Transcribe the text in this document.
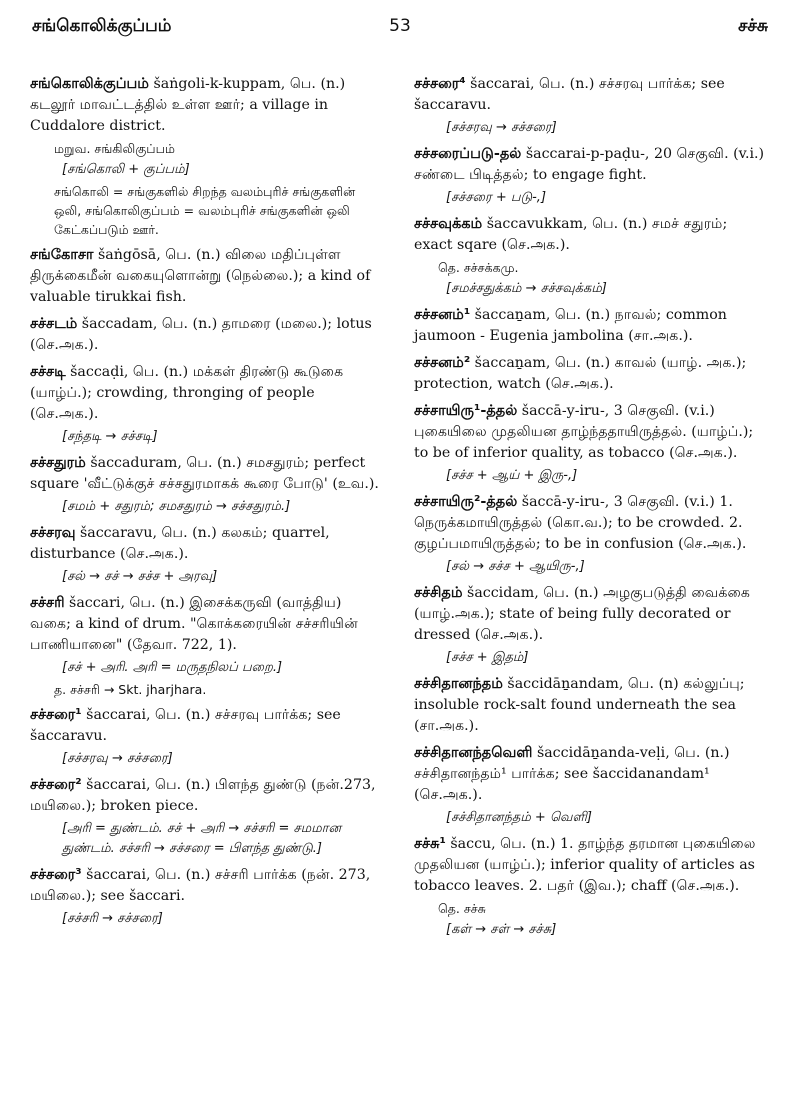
சங்கொலிக்குப்பம்	53	சச்சு

சங்கொலிக்குப்பம் šaṅgoli-k-kuppam, பெ. (n.) கடலூர் மாவட்டத்தில் உள்ள ஊர்; a village in Cuddalore district.

மறுவ. சங்கிலிகுப்பம்
[சங்கொலி + குப்பம்]
சங்கொலி = சங்குகளில் சிறந்த வலம்புரிச் சங்குகளின் ஒலி, சங்கொலிகுப்பம் = வலம்புரிச் சங்குகளின் ஒலி கேட்கப்படும் ஊர்.

சங்கோசா šaṅgōsā, பெ. (n.) விலை மதிப்புள்ள திருக்கைமீன் வகையுளொன்று (நெல்லை.); a kind of valuable tirukkai fish.

சச்சடம் šaccadam, பெ. (n.) தாமரை (மலை.); lotus (செ.அக.).

சச்சடி šaccaḍi, பெ. (n.) மக்கள் திரண்டு கூடுகை (யாழ்ப்.); crowding, thronging of people (செ.அக.).

[சந்தடி → சச்சடி]

சச்சதுரம் šaccaduram, பெ. (n.) சமசதுரம்; perfect square 'வீட்டுக்குச் சச்சதுரமாகக் கூரை போடு' (உவ.).

[சமம் + சதுரம்; சமசதுரம் → சச்சதுரம்.]

சச்சரவு šaccaravu, பெ. (n.) கலகம்; quarrel, disturbance (செ.அக.).

[சல் → சச் → சச்ச + அரவு]

சச்சரி šaccari, பெ. (n.) இசைக்கருவி (வாத்திய) வகை; a kind of drum. "கொக்கரையின் சச்சரியின் பாணியானை" (தேவா. 722, 1).

[சச் + அரி. அரி = மருதநிலப் பறை.]
த. சச்சரி → Skt. jharjhara.

சச்சரை¹ šaccarai, பெ. (n.) சச்சரவு பார்க்க; see šaccaravu.

[சச்சரவு → சச்சரை]

சச்சரை² šaccarai, பெ. (n.) பிளந்த துண்டு (நன்.273, மயிலை.); broken piece.

[அரி = துண்டம். சச் + அரி → சச்சரி = சமமான துண்டம். சச்சரி → சச்சரை = பிளந்த துண்டு.]

சச்சரை³ šaccarai, பெ. (n.) சச்சரி பார்க்க (நன். 273, மயிலை.); see šaccari.

[சச்சரி → சச்சரை]

சச்சரை⁴ šaccarai, பெ. (n.) சச்சரவு பார்க்க; see šaccaravu.

[சச்சரவு → சச்சரை]

சச்சரைப்படு-தல் šaccarai-p-paḍu-, 20 செகுவி. (v.i.) சண்டை பிடித்தல்; to engage fight.

[சச்சரை + படு-,]

சச்சவுக்கம் šaccavukkam, பெ. (n.) சமச் சதுரம்; exact sqare (செ.அக.).

தெ. சச்சக்கமு.
[சமச்சதுக்கம் → சச்சவுக்கம்]

சச்சனம்¹ šaccaṉam, பெ. (n.) நாவல்; common jaumoon - Eugenia jambolina (சா.அக.).

சச்சனம்² šaccaṉam, பெ. (n.) காவல் (யாழ். அக.); protection, watch (செ.அக.).

சச்சாயிரு¹-த்தல் šaccā-y-iru-, 3 செகுவி. (v.i.) புகையிலை முதலியன தாழ்ந்ததாயிருத்தல். (யாழ்ப்.); to be of inferior quality, as tobacco (செ.அக.).

[சச்ச + ஆய் + இரு-,]

சச்சாயிரு²-த்தல் šaccā-y-iru-, 3 செகுவி. (v.i.) 1. நெருக்கமாயிருத்தல் (கொ.வ.); to be crowded. 2. குழப்பமாயிருத்தல்; to be in confusion (செ.அக.).

[சல் → சச்ச + ஆயிரு-,]

சச்சிதம் šaccidam, பெ. (n.) அழகுபடுத்தி வைக்கை (யாழ்.அக.); state of being fully decorated or dressed (செ.அக.).

[சச்ச + இதம்]

சச்சிதானந்தம் šaccidāṉandam, பெ. (n) கல்லுப்பு; insoluble rock-salt found underneath the sea (சா.அக.).

சச்சிதானந்தவெளி šaccidāṉanda-veḷi, பெ. (n.) சச்சிதானந்தம்¹ பார்க்க; see šaccidanandam¹ (செ.அக.).

[சச்சிதானந்தம் + வெளி]

சச்சு¹ šaccu, பெ. (n.) 1. தாழ்ந்த தரமான புகையிலை முதலியன (யாழ்ப்.); inferior quality of articles as tobacco leaves. 2. பதர் (இவ.); chaff (செ.அக.).

தெ. சச்சு
[கள் → சள் → சச்சு]
